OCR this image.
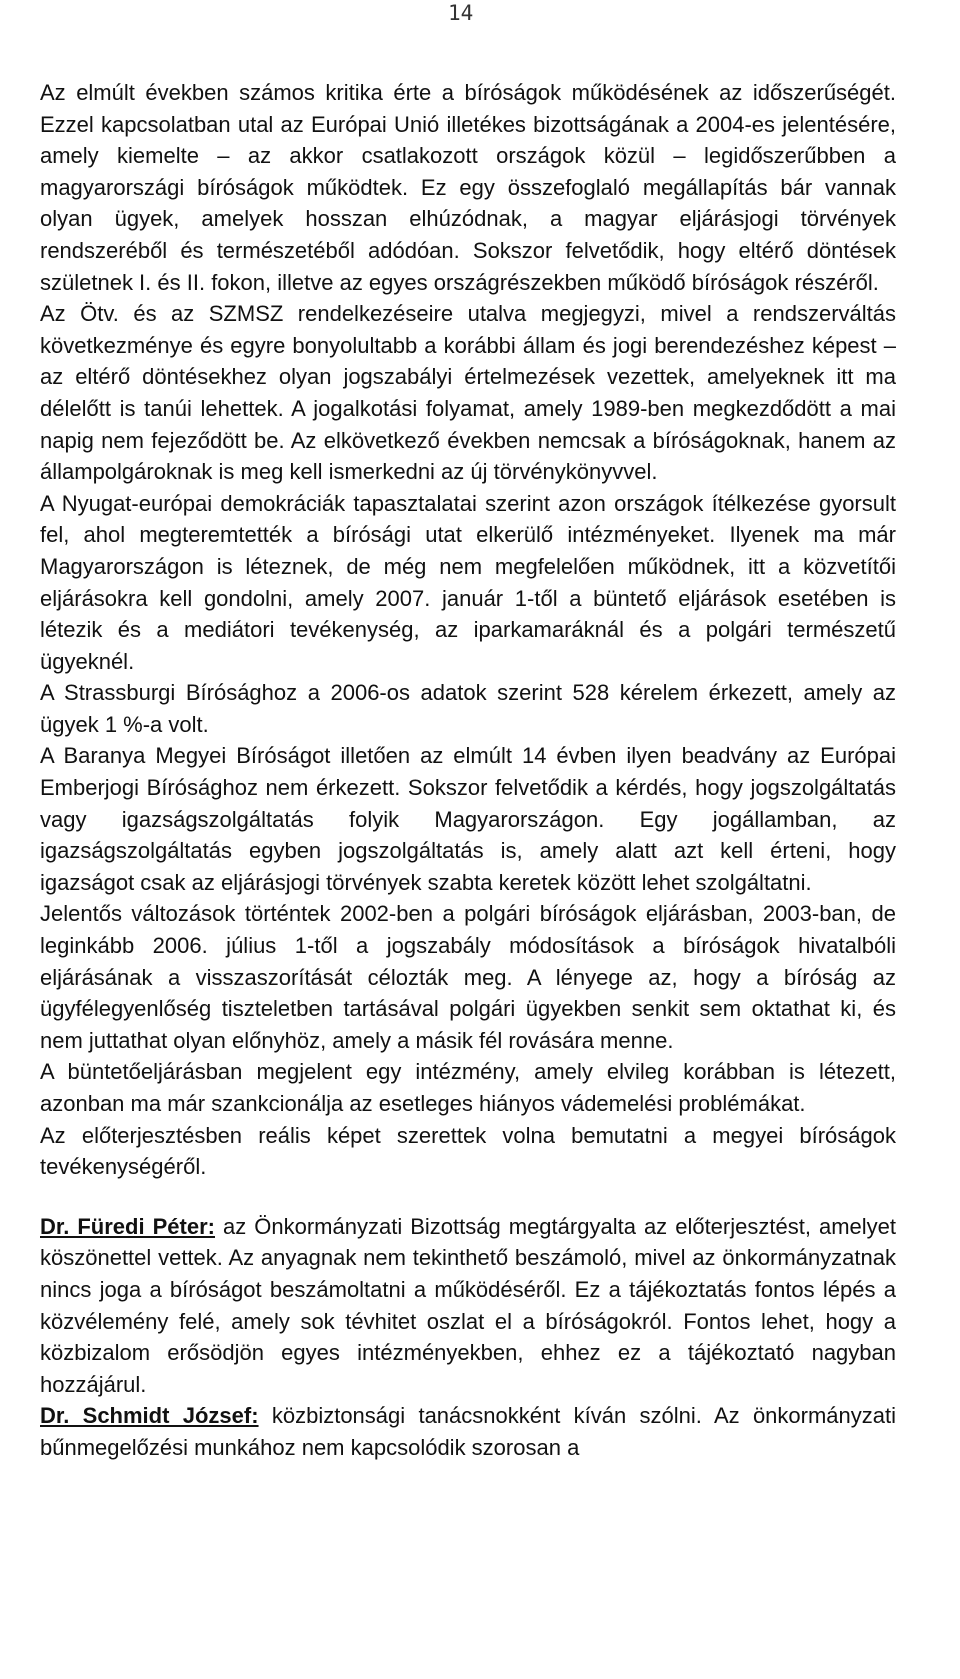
14

Az elmúlt években számos kritika érte a bíróságok működésének az időszerűségét. Ezzel kapcsolatban utal az Európai Unió illetékes bizottságának a 2004-es jelentésére, amely kiemelte – az akkor csatlakozott országok közül – legidőszerűbben a magyarországi bíróságok működtek. Ez egy összefoglaló megállapítás bár vannak olyan ügyek, amelyek hosszan elhúzódnak, a magyar eljárásjogi törvények rendszeréből és természetéből adódóan. Sokszor felvetődik, hogy eltérő döntések születnek I. és II. fokon, illetve az egyes országrészekben működő bíróságok részéről.

Az Ötv. és az SZMSZ rendelkezéseire utalva megjegyzi, mivel a rendszerváltás következménye és egyre bonyolultabb a korábbi állam és jogi berendezéshez képest – az eltérő döntésekhez olyan jogszabályi értelmezések vezettek, amelyeknek itt ma délelőtt is tanúi lehettek. A jogalkotási folyamat, amely 1989-ben megkezdődött a mai napig nem fejeződött be. Az elkövetkező években nemcsak a bíróságoknak, hanem az állampolgároknak is meg kell ismerkedni az új törvénykönyvvel.

A Nyugat-európai demokráciák tapasztalatai szerint azon országok ítélkezése gyorsult fel, ahol megteremtették a bírósági utat elkerülő intézményeket. Ilyenek ma már Magyarországon is léteznek, de még nem megfelelően működnek, itt a közvetítői eljárásokra kell gondolni, amely 2007. január 1-től a büntető eljárások esetében is létezik és a mediátori tevékenység, az iparkamaráknál és a polgári természetű ügyeknél.

A Strassburgi Bírósághoz a 2006-os adatok szerint 528 kérelem érkezett, amely az ügyek 1 %-a volt.

A Baranya Megyei Bíróságot illetően az elmúlt 14 évben ilyen beadvány az Európai Emberjogi Bírósághoz nem érkezett. Sokszor felvetődik a kérdés, hogy jogszolgáltatás vagy igazságszolgáltatás folyik Magyarországon. Egy jogállamban, az igazságszolgáltatás egyben jogszolgáltatás is, amely alatt azt kell érteni, hogy igazságot csak az eljárásjogi törvények szabta keretek között lehet szolgáltatni.

Jelentős változások történtek 2002-ben a polgári bíróságok eljárásban, 2003-ban, de leginkább 2006. július 1-től a jogszabály módosítások a bíróságok hivatalbóli eljárásának a visszaszorítását célozták meg. A lényege az, hogy a bíróság az ügyfélegyenlőség tiszteletben tartásával polgári ügyekben senkit sem oktathat ki, és nem juttathat olyan előnyhöz, amely a másik fél rovására menne.

A büntetőeljárásban megjelent egy intézmény, amely elvileg korábban is létezett, azonban ma már szankcionálja az esetleges hiányos vádemelési problémákat.

Az előterjesztésben reális képet szerettek volna bemutatni a megyei bíróságok tevékenységéről.

Dr. Füredi Péter: az Önkormányzati Bizottság megtárgyalta az előterjesztést, amelyet köszönettel vettek. Az anyagnak nem tekinthető beszámoló, mivel az önkormányzatnak nincs joga a bíróságot beszámoltatni a működéséről. Ez a tájékoztatás fontos lépés a közvélemény felé, amely sok tévhitet oszlat el a bíróságokról. Fontos lehet, hogy a közbizalom erősödjön egyes intézményekben, ehhez ez a tájékoztató nagyban hozzájárul.

Dr. Schmidt József: közbiztonsági tanácsnokként kíván szólni. Az önkormányzati bűnmegelőzési munkához nem kapcsolódik szorosan a
